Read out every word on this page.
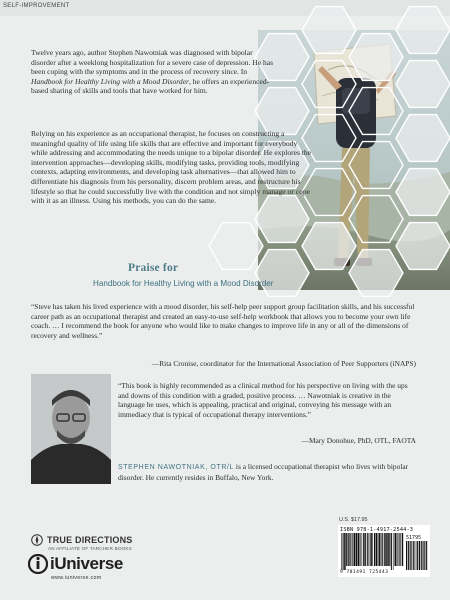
SELF-IMPROVEMENT

Twelve years ago, author Stephen Nawotniak was diagnosed with bipolar disorder after a weeklong hospitalization for a severe case of depression. He has been coping with the symptoms and in the process of recovery since. In Handbook for Healthy Living with a Mood Disorder, he offers an experienced-based sharing of skills and tools that have worked for him.

Relying on his experience as an occupational therapist, he focuses on constructing a meaningful quality of life using life skills that are effective and important for everybody while addressing and accommodating the needs unique to a bipolar disorder. He explores the intervention approaches—developing skills, modifying tasks, providing tools, modifying contexts, adapting environments, and developing task alternatives—that allowed him to differentiate his diagnosis from his personality, discern problem areas, and restructure his lifestyle so that he could successfully live with the condition and not simply manage or cope with it as an illness. Using his methods, you can do the same.

Praise for
Handbook for Healthy Living with a Mood Disorder
“Steve has taken his lived experience with a mood disorder, his self-help peer support group facilitation skills, and his successful career path as an occupational therapist and created an easy-to-use self-help workbook that allows you to become your own life coach. … I recommend the book for anyone who would like to make changes to improve life in any or all of the dimensions of recovery and wellness.”
—Rita Cronise, coordinator for the International Association of Peer Supporters (iNAPS)
“This book is highly recommended as a clinical method for his perspective on living with the ups and downs of this condition with a graded, positive process. … Nawotniak is creative in the language he uses, which is appealing, practical and original, conveying his message with an immediacy that is typical of occupational therapy interventions.”
—Mary Donohue, PhD, OTL, FAOTA
STEPHEN NAWOTNIAK, OTR/L is a licensed occupational therapist who lives with bipolar disorder. He currently resides in Buffalo, New York.
TRUE DIRECTIONS
AN AFFILIATE OF TARCHER BOOKS
iUniverse
www.iuniverse.com
U.S. $17.95
ISBN 978-1-4917-2544-3
51795
9 781491 725443
